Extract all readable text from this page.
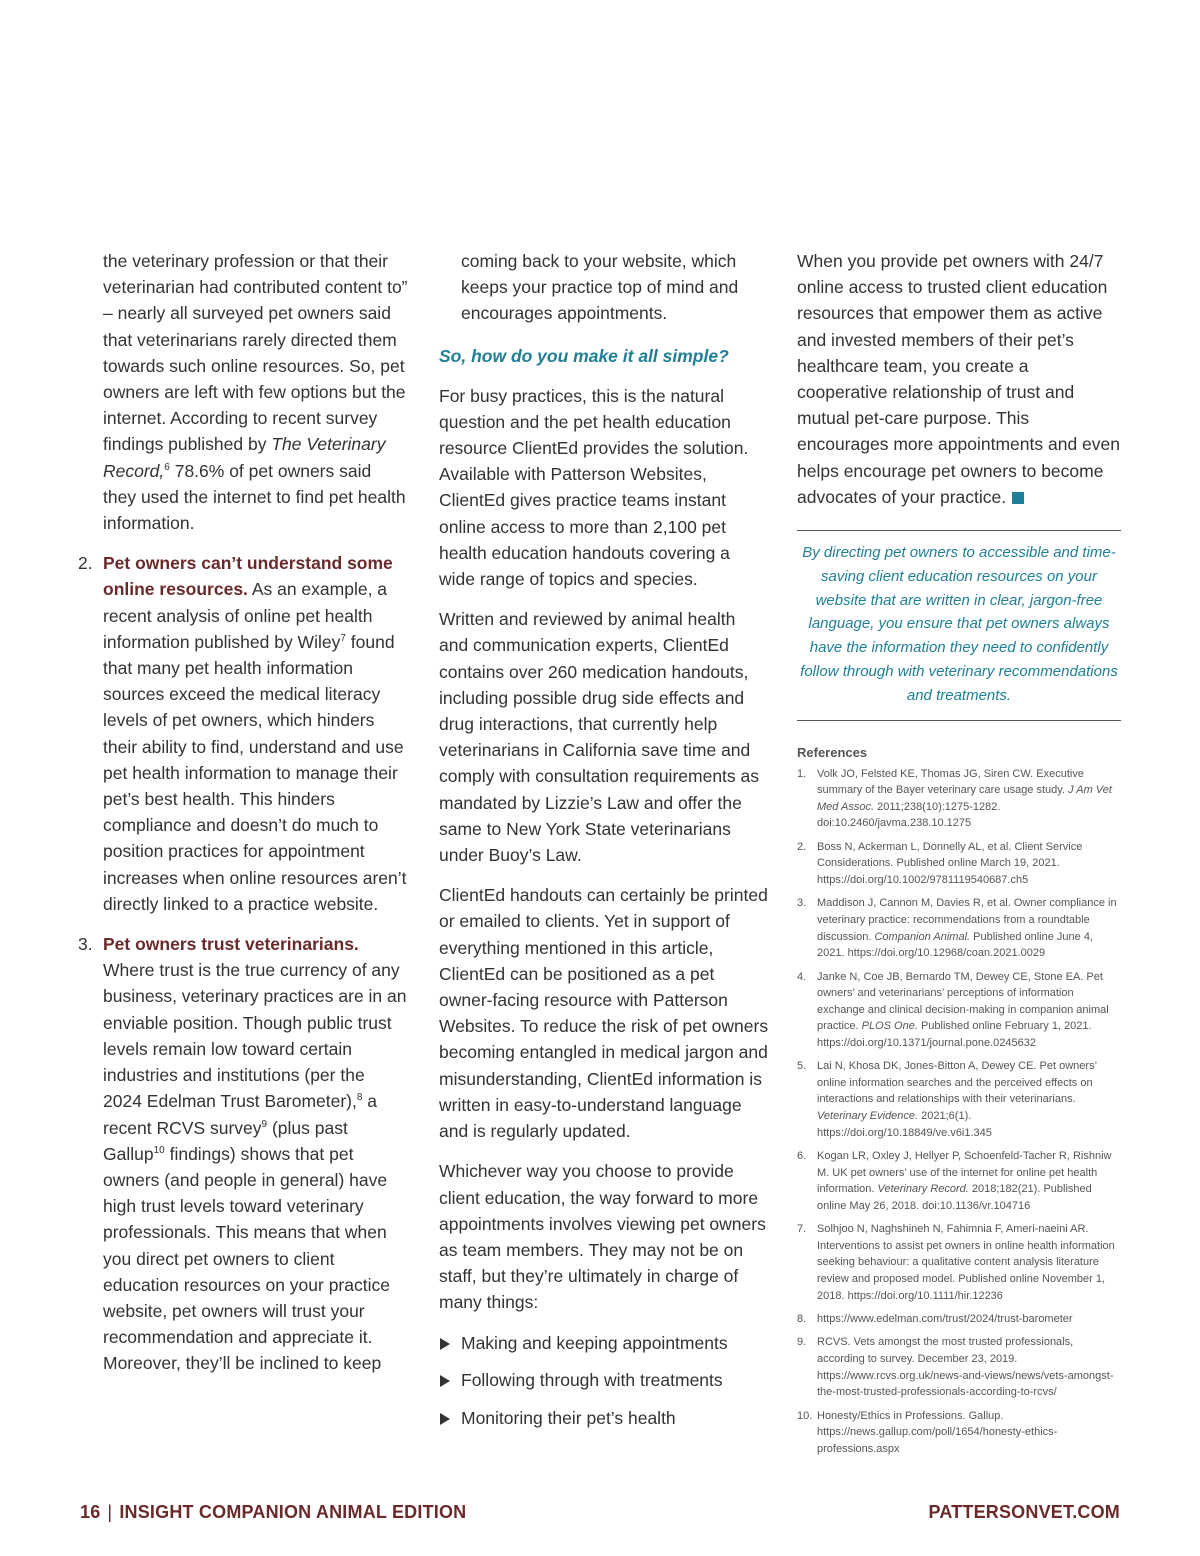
the veterinary profession or that their veterinarian had contributed content to” – nearly all surveyed pet owners said that veterinarians rarely directed them towards such online resources. So, pet owners are left with few options but the internet. According to recent survey findings published by The Veterinary Record,$^6$ 78.6% of pet owners said they used the internet to find pet health information.

2. Pet owners can’t understand some online resources. As an example, a recent analysis of online pet health information published by Wiley$^7$ found that many pet health information sources exceed the medical literacy levels of pet owners, which hinders their ability to find, understand and use pet health information to manage their pet’s best health. This hinders compliance and doesn’t do much to position practices for appointment increases when online resources aren’t directly linked to a practice website.
3. Pet owners trust veterinarians. Where trust is the true currency of any business, veterinary practices are in an enviable position. Though public trust levels remain low toward certain industries and institutions (per the 2024 Edelman Trust Barometer),$^8$ a recent RCVS survey$^9$ (plus past Gallup$^{10}$ findings) shows that pet owners (and people in general) have high trust levels toward veterinary professionals. This means that when you direct pet owners to client education resources on your practice website, pet owners will trust your recommendation and appreciate it. Moreover, they’ll be inclined to keep

coming back to your website, which keeps your practice top of mind and encourages appointments.

So, how do you make it all simple?

For busy practices, this is the natural question and the pet health education resource ClientEd provides the solution. Available with Patterson Websites, ClientEd gives practice teams instant online access to more than 2,100 pet health education handouts covering a wide range of topics and species.

Written and reviewed by animal health and communication experts, ClientEd contains over 260 medication handouts, including possible drug side effects and drug interactions, that currently help veterinarians in California save time and comply with consultation requirements as mandated by Lizzie’s Law and offer the same to New York State veterinarians under Buoy’s Law.

ClientEd handouts can certainly be printed or emailed to clients. Yet in support of everything mentioned in this article, ClientEd can be positioned as a pet owner-facing resource with Patterson Websites. To reduce the risk of pet owners becoming entangled in medical jargon and misunderstanding, ClientEd information is written in easy-to-understand language and is regularly updated.

Whichever way you choose to provide client education, the way forward to more appointments involves viewing pet owners as team members. They may not be on staff, but they’re ultimately in charge of many things:

Making and keeping appointments
Following through with treatments
Monitoring their pet’s health

When you provide pet owners with 24/7 online access to trusted client education resources that empower them as active and invested members of their pet’s healthcare team, you create a cooperative relationship of trust and mutual pet-care purpose. This encourages more appointments and even helps encourage pet owners to become advocates of your practice.

By directing pet owners to accessible and time-saving client education resources on your website that are written in clear, jargon-free language, you ensure that pet owners always have the information they need to confidently follow through with veterinary recommendations and treatments.

References
1. Volk JO, Felsted KE, Thomas JG, Siren CW. Executive summary of the Bayer veterinary care usage study. J Am Vet Med Assoc. 2011;238(10):1275-1282. doi:10.2460/javma.238.10.1275
2. Boss N, Ackerman L, Donnelly AL, et al. Client Service Considerations. Published online March 19, 2021. https://doi.org/10.1002/9781119540687.ch5
3. Maddison J, Cannon M, Davies R, et al. Owner compliance in veterinary practice: recommendations from a roundtable discussion. Companion Animal. Published online June 4, 2021. https://doi.org/10.12968/coan.2021.0029
4. Janke N, Coe JB, Bernardo TM, Dewey CE, Stone EA. Pet owners’ and veterinarians’ perceptions of information exchange and clinical decision-making in companion animal practice. PLOS One. Published online February 1, 2021. https://doi.org/10.1371/journal.pone.0245632
5. Lai N, Khosa DK, Jones-Bitton A, Dewey CE. Pet owners’ online information searches and the perceived effects on interactions and relationships with their veterinarians. Veterinary Evidence. 2021;6(1). https://doi.org/10.18849/ve.v6i1.345
6. Kogan LR, Oxley J, Hellyer P, Schoenfeld-Tacher R, Rishniw M. UK pet owners’ use of the internet for online pet health information. Veterinary Record. 2018;182(21). Published online May 26, 2018. doi:10.1136/vr.104716
7. Solhjoo N, Naghshineh N, Fahimnia F, Ameri-naeini AR. Interventions to assist pet owners in online health information seeking behaviour: a qualitative content analysis literature review and proposed model. Published online November 1, 2018. https://doi.org/10.1111/hir.12236
8. https://www.edelman.com/trust/2024/trust-barometer
9. RCVS. Vets amongst the most trusted professionals, according to survey. December 23, 2019. https://www.rcvs.org.uk/news-and-views/news/vets-amongst-the-most-trusted-professionals-according-to-rcvs/
10. Honesty/Ethics in Professions. Gallup. https://news.gallup.com/poll/1654/honesty-ethics-professions.aspx
16 | INSIGHT COMPANION ANIMAL EDITION	PATTERSONVET.COM
